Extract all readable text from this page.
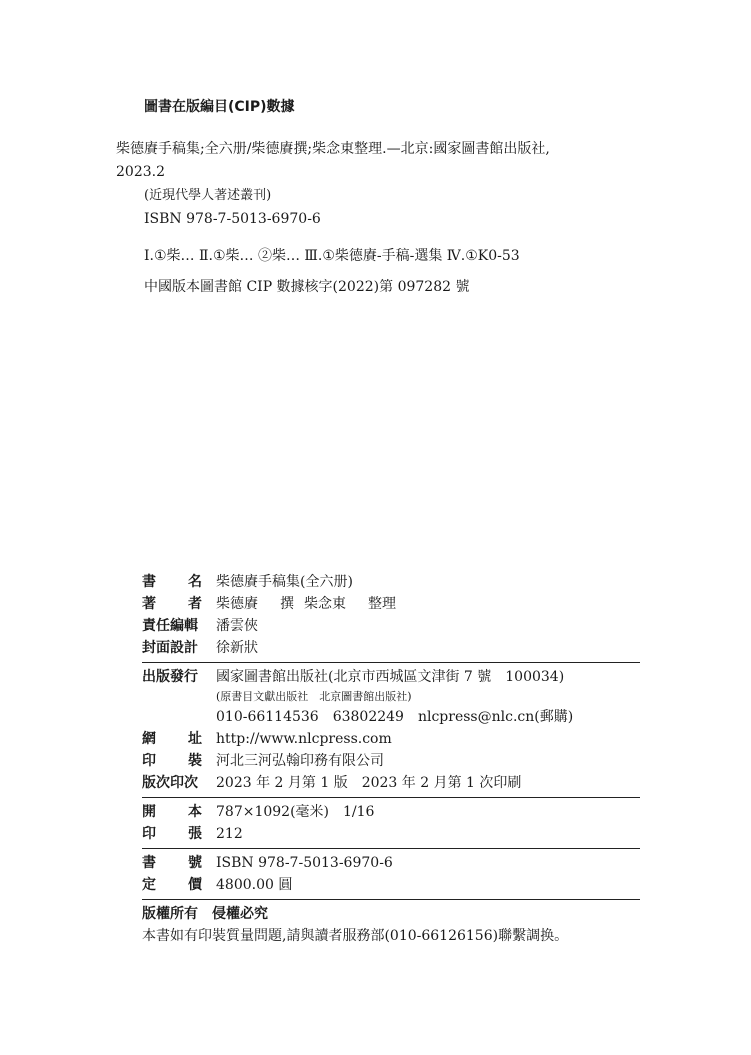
圖書在版編目(CIP)數據

柴德賡手稿集;全六册/柴德賡撰;柴念東整理.—北京:國家圖書館出版社,

2023.2

(近現代學人著述叢刊)

ISBN 978-7-5013-6970-6

Ⅰ.①柴… Ⅱ.①柴… ②柴… Ⅲ.①柴德賡-手稿-選集 Ⅳ.①K0-53

中國版本圖書館 CIP 數據核字(2022)第 097282 號

書 名 柴德賡手稿集(全六册)
著 者 柴德賡 撰 柴念東 整理
責任編輯 潘雲俠
封面設計 徐新狀
出版發行 國家圖書館出版社(北京市西城區文津街 7 號　100034)
(原書目文獻出版社　北京圖書館出版社)
010-66114536　63802249　nlcpress@nlc.cn(郵購)
網 址 http://www.nlcpress.com
印 裝 河北三河弘翰印務有限公司
版次印次 2023 年 2 月第 1 版　2023 年 2 月第 1 次印刷
開 本 787×1092(毫米)　1/16
印 張 212
書 號 ISBN 978-7-5013-6970-6
定 價 4800.00 圓
版權所有　侵權必究
本書如有印裝質量問題,請與讀者服務部(010-66126156)聯繫調换。
